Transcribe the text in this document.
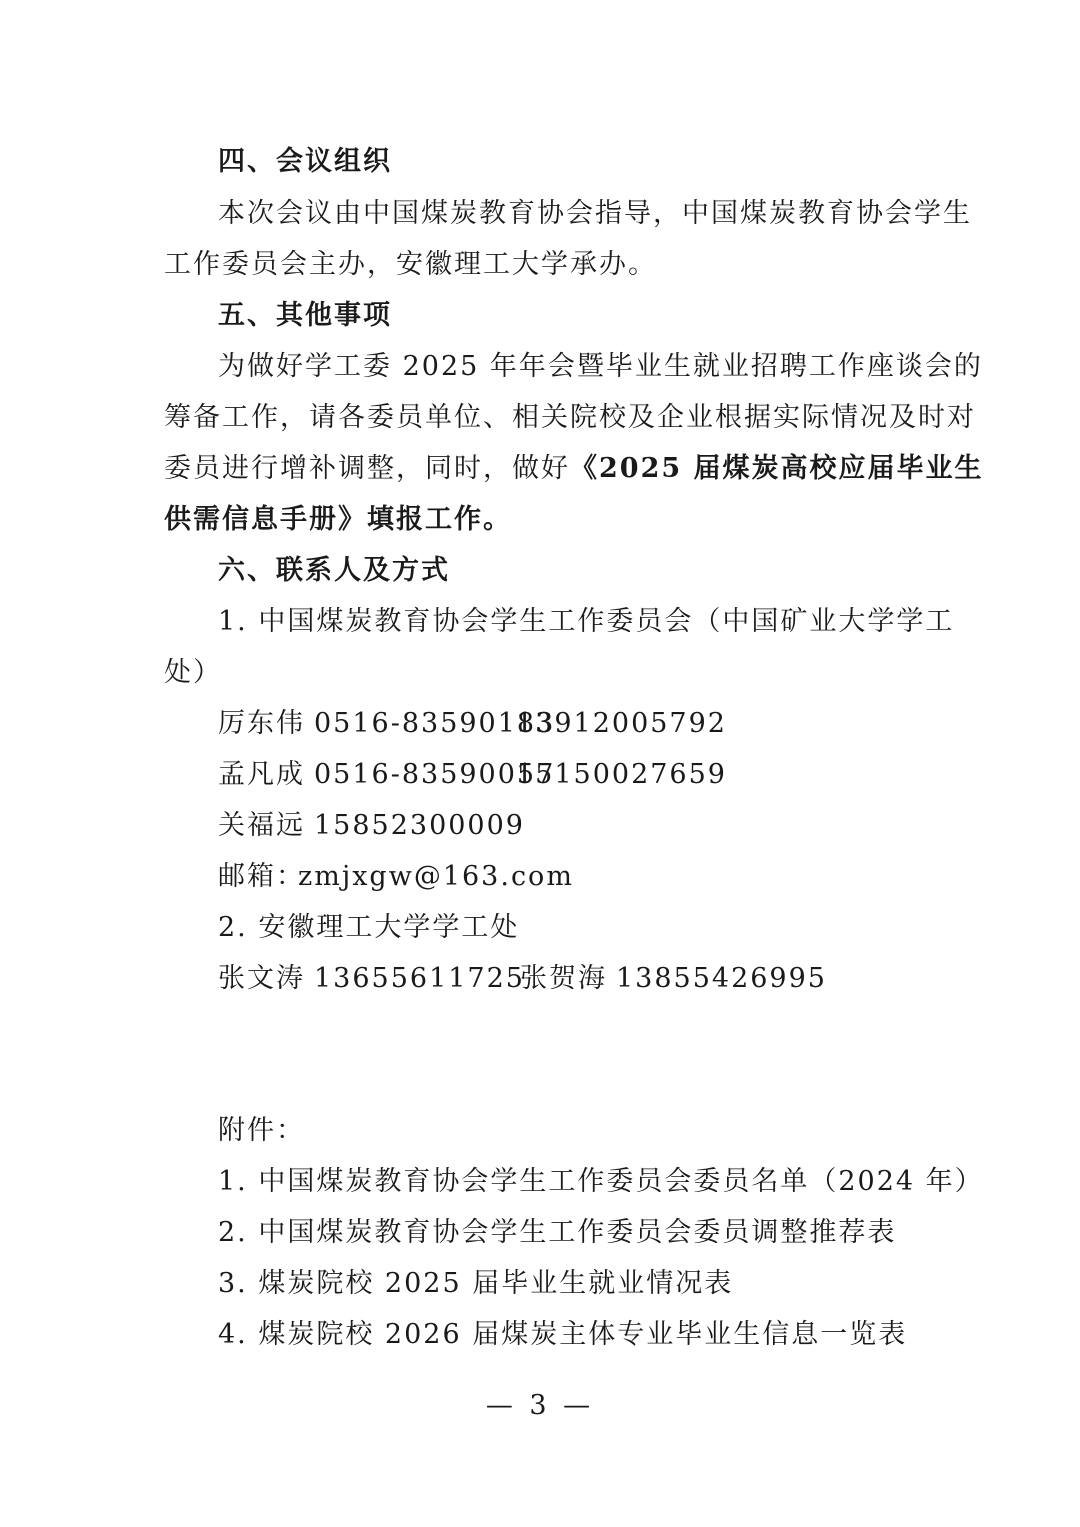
四、会议组织
本次会议由中国煤炭教育协会指导，中国煤炭教育协会学生
工作委员会主办，安徽理工大学承办。
五、其他事项
为做好学工委 2025 年年会暨毕业生就业招聘工作座谈会的
筹备工作，请各委员单位、相关院校及企业根据实际情况及时对
委员进行增补调整，同时，做好《2025 届煤炭高校应届毕业生
供需信息手册》填报工作。
六、联系人及方式
1. 中国煤炭教育协会学生工作委员会（中国矿业大学学工
处）
厉东伟 0516-8359018313912005792
孟凡成 0516-8359005715150027659
关福远 15852300009
邮箱：zmjxgw@163.com
2. 安徽理工大学学工处
张文涛 13655611725张贺海 13855426995
附件：
1. 中国煤炭教育协会学生工作委员会委员名单（2024 年）
2. 中国煤炭教育协会学生工作委员会委员调整推荐表
3. 煤炭院校 2025 届毕业生就业情况表
4. 煤炭院校 2026 届煤炭主体专业毕业生信息一览表
— 3 —
